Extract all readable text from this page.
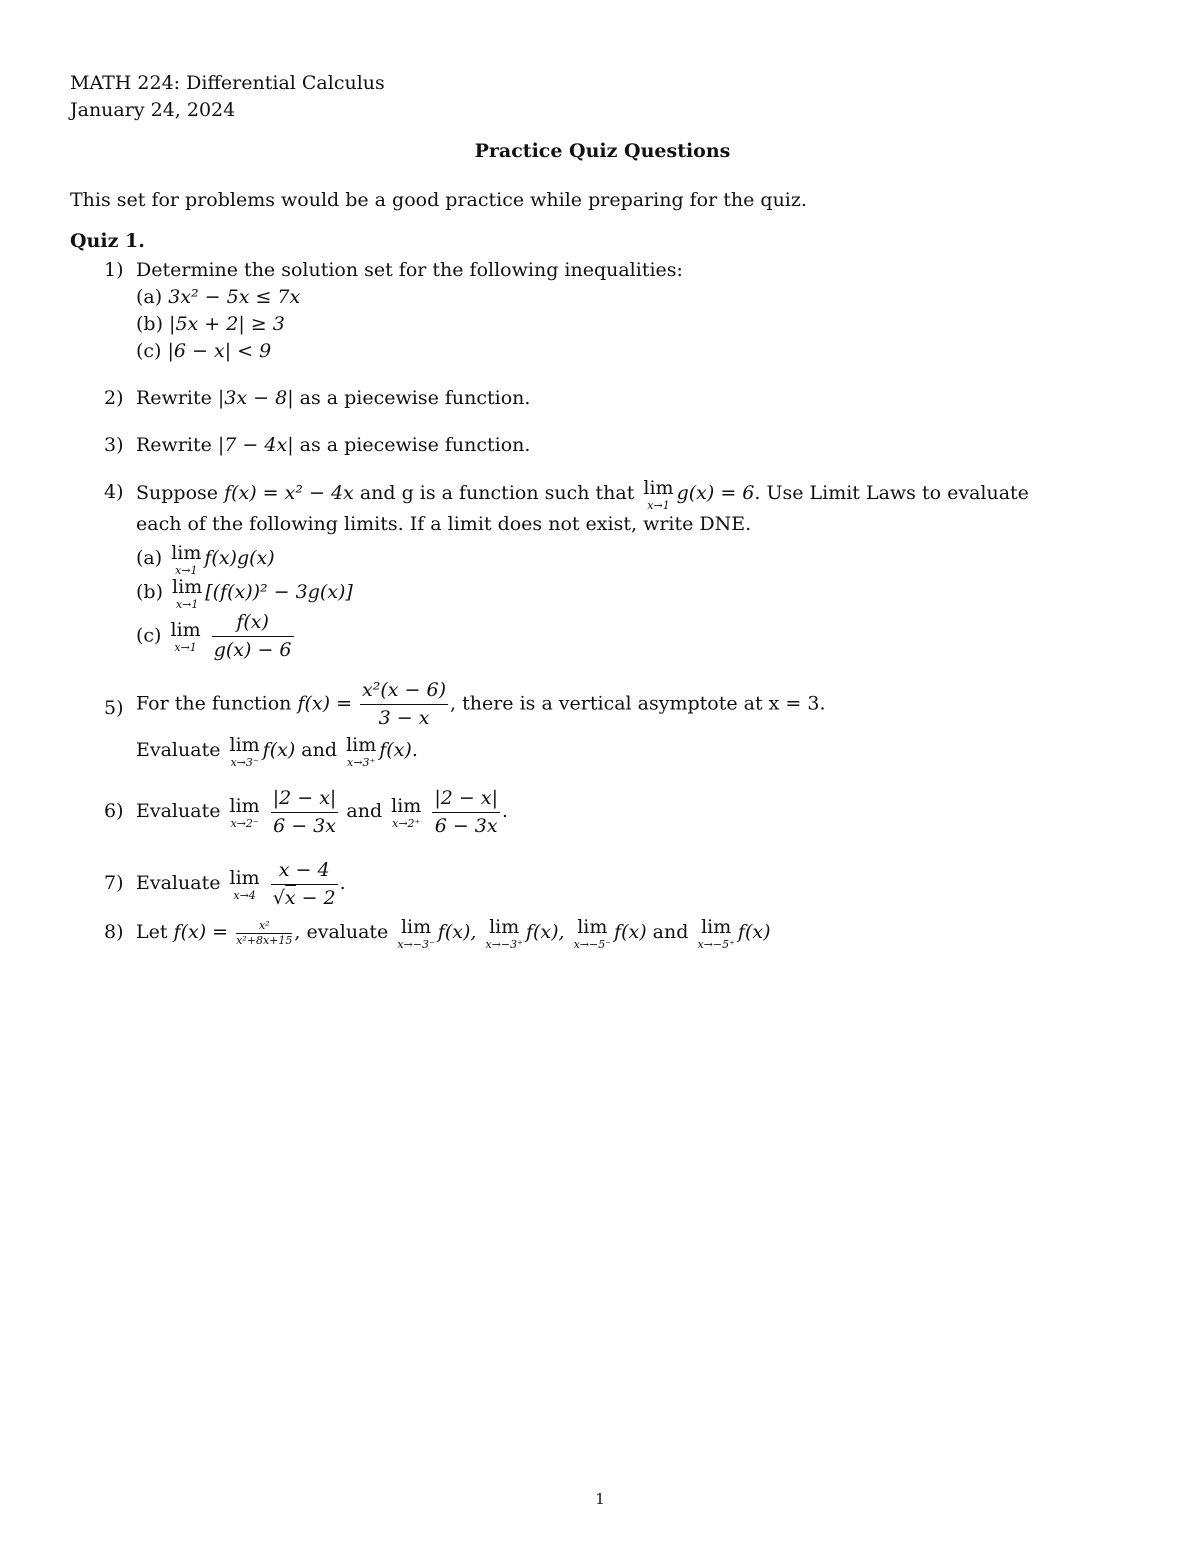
MATH 224: Differential Calculus
January 24, 2024
Practice Quiz Questions
This set for problems would be a good practice while preparing for the quiz.
Quiz 1.
1) Determine the solution set for the following inequalities:
(a) 3x² − 5x ≤ 7x
(b) |5x + 2| ≥ 3
(c) |6 − x| < 9
2) Rewrite |3x − 8| as a piecewise function.
3) Rewrite |7 − 4x| as a piecewise function.
4) Suppose f(x) = x² − 4x and g is a function such that lim
x→1
g(x) = 6. Use Limit Laws to evaluate
each of the following limits. If a limit does not exist, write DNE.
(a) lim
x→1
f(x)g(x)
(b) lim
x→1
[(f(x))² − 3g(x)]
(c) lim
x→1
$\frac{f(x)}{g(x) - 6}$
5) For the function $f(x) = \frac{\text{x²(x − 6)}}{3 - x}$ , there is a vertical asymptote at x = 3.
Evaluate lim
x→3⁻
f(x) and lim
x→3⁺
f(x).
6) Evaluate lim
x→2⁻
$\frac{|2 - x|}{6 - 3x}$ and lim
x→2⁺
$\frac{|2 - x|}{6 - 3x}$ .
7) Evaluate lim
x→4
$\frac{x - 4}{√x - 2}$ .
8) Let $f(x) = \frac{\text{x²}}{\text{x²+8x+15}}$ , evaluate lim
x→−3⁻
f(x), lim
x→−3⁺
f(x), lim
x→−5⁻
f(x) and lim
x→−5⁺
f(x)
1
